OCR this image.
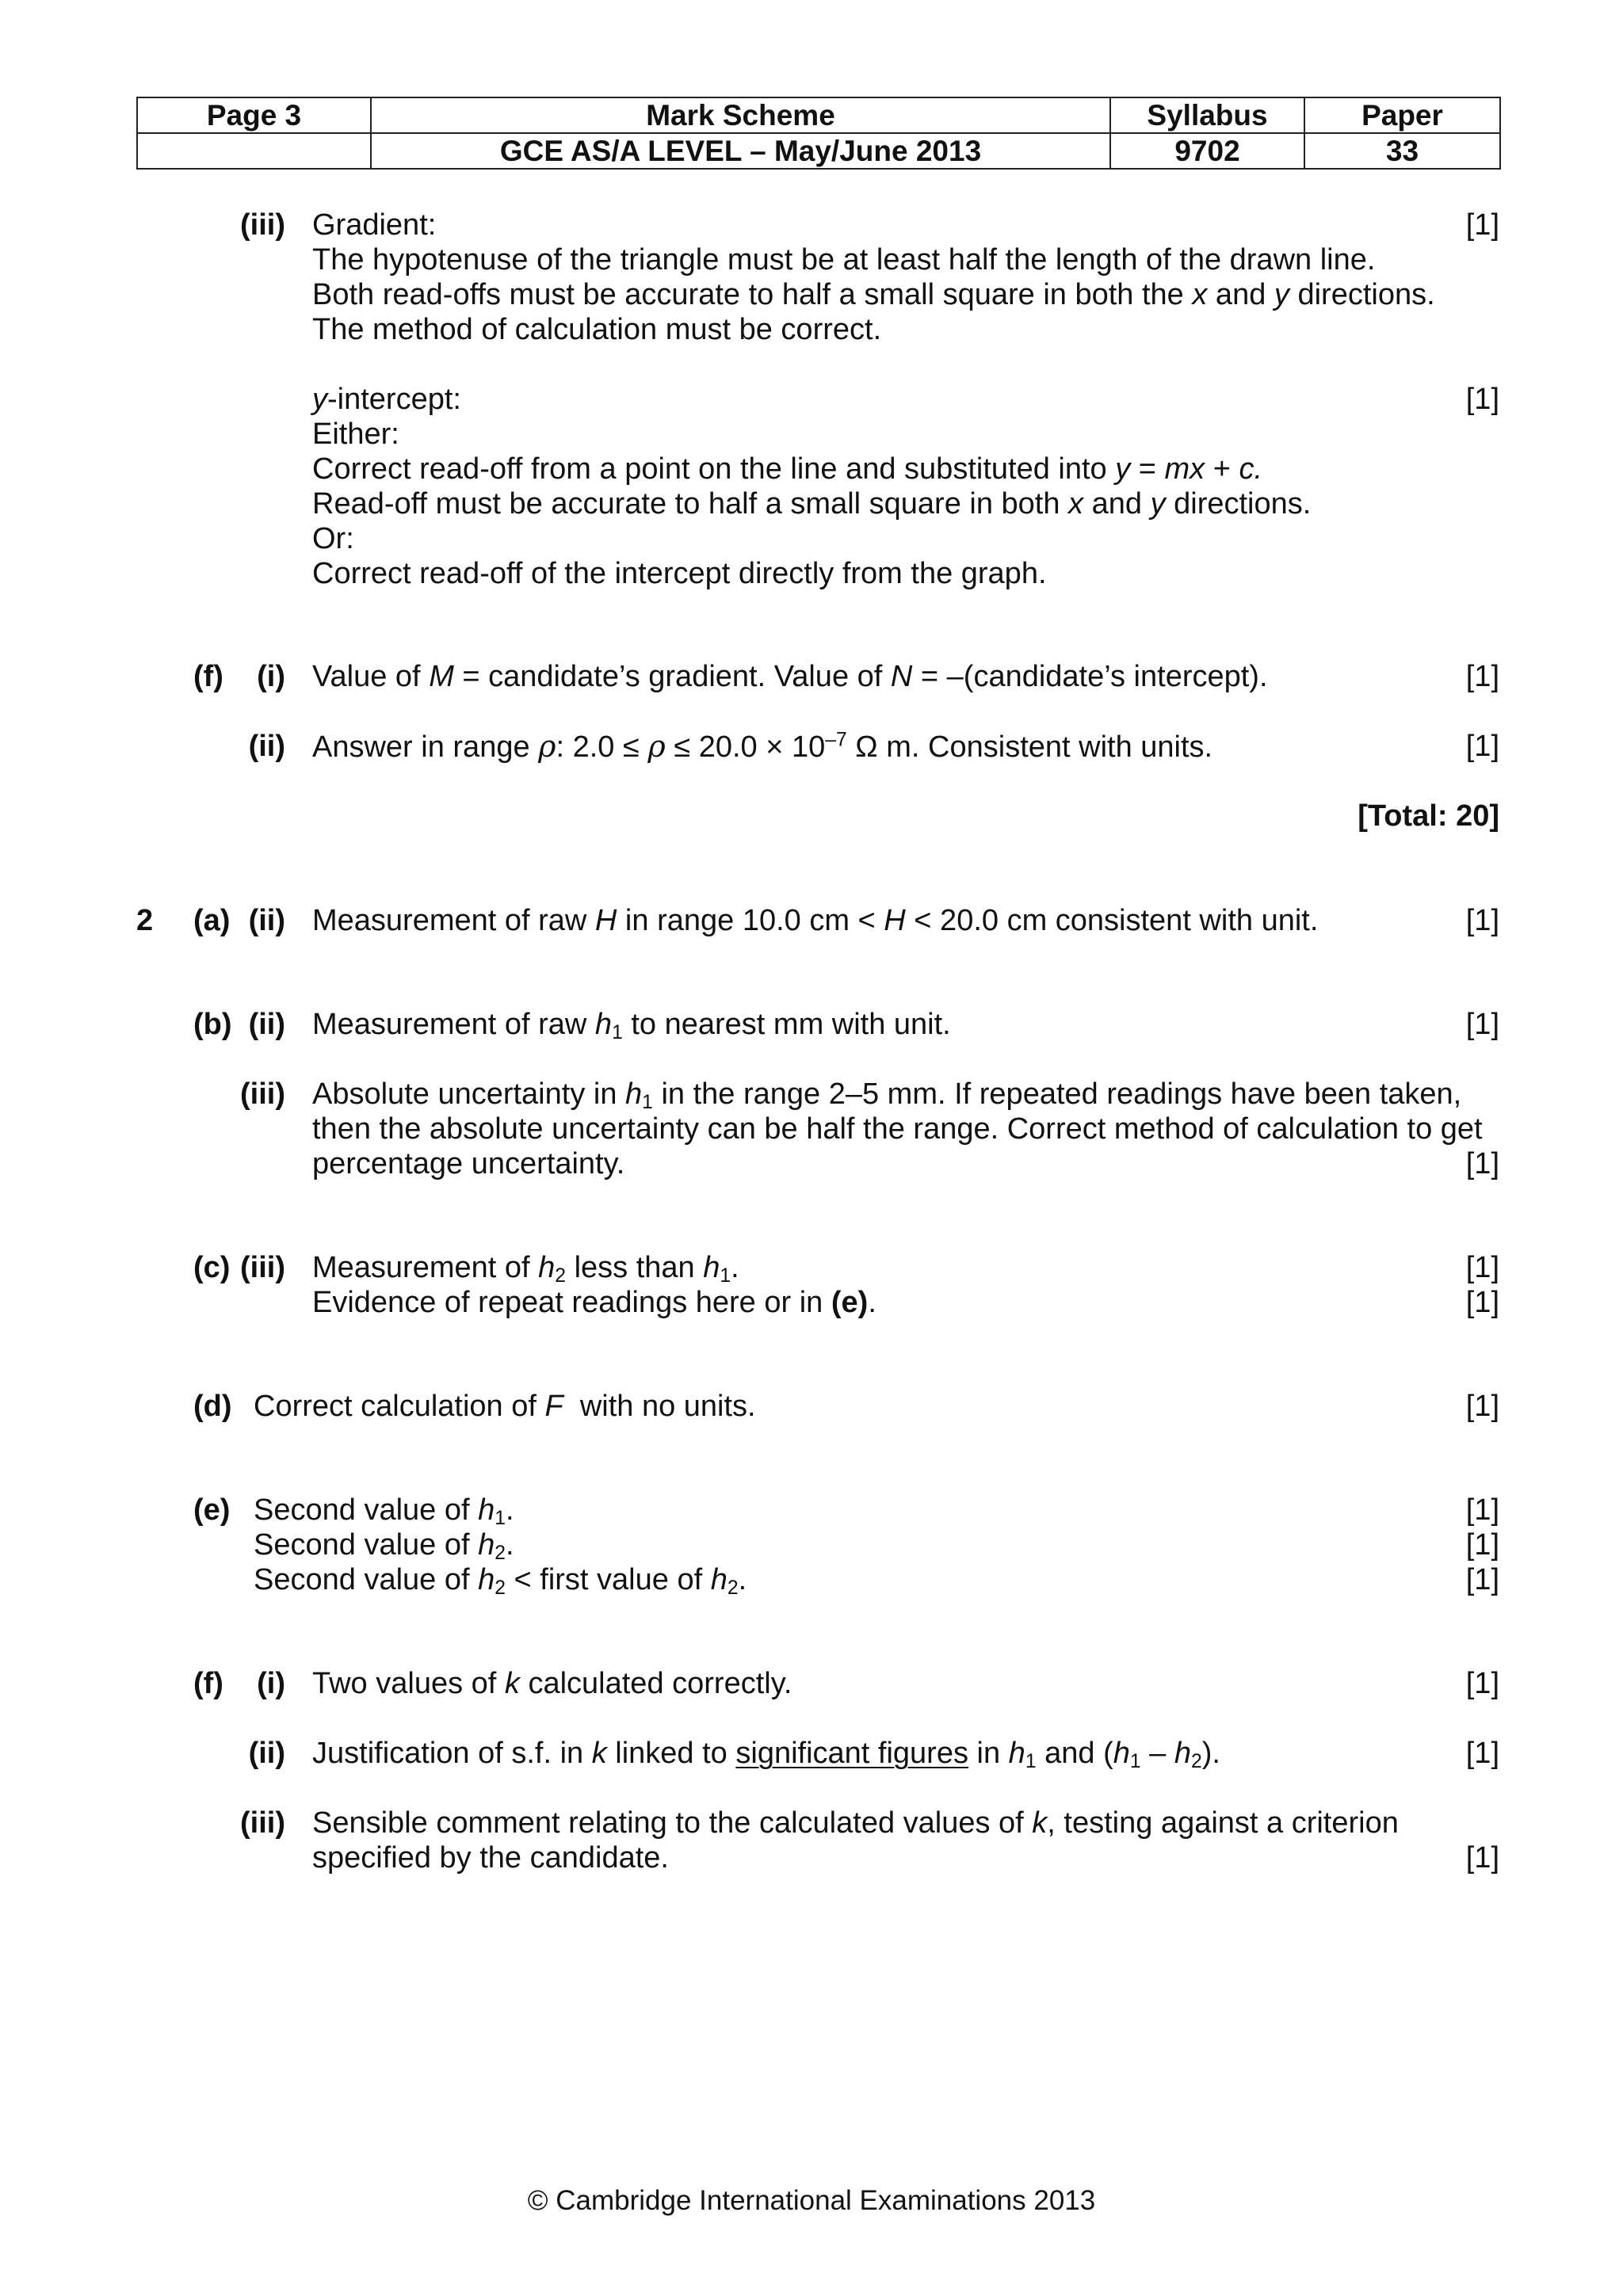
Page 3	Mark Scheme	Syllabus	Paper
	GCE AS/A LEVEL – May/June 2013	9702	33
(iii) Gradient:	[1]
The hypotenuse of the triangle must be at least half the length of the drawn line.
Both read-offs must be accurate to half a small square in both the x and y directions.
The method of calculation must be correct.
y-intercept:	[1]
Either:
Correct read-off from a point on the line and substituted into y = mx + c.
Read-off must be accurate to half a small square in both x and y directions.
Or:
Correct read-off of the intercept directly from the graph.
(f)	(i) Value of M = candidate’s gradient. Value of N = –(candidate’s intercept).	[1]
(ii) Answer in range ρ: $2.0 \le \rho \le 20.0 \times 10^{-7}$ Ω m. Consistent with units.	[1]
[Total: 20]
2 (a) (ii) Measurement of raw H in range 10.0 cm < H < 20.0 cm consistent with unit.	[1]
(b) (ii) Measurement of raw $h_1$ to nearest mm with unit.	[1]
(iii) Absolute uncertainty in $h_1$ in the range 2–5 mm. If repeated readings have been taken,
then the absolute uncertainty can be half the range. Correct method of calculation to get
percentage uncertainty.	[1]
(c) (iii) Measurement of $h_2$ less than $h_1$.	[1]
Evidence of repeat readings here or in (e).	[1]
(d) Correct calculation of F  with no units.	[1]
(e) Second value of $h_1$.	[1]
Second value of $h_2$.	[1]
Second value of $h_2$ < first value of $h_2$.	[1]
(f)	(i) Two values of k calculated correctly.	[1]
(ii) Justification of s.f. in k linked to significant figures in $h_1$ and $(h_1 - h_2)$.	[1]
(iii) Sensible comment relating to the calculated values of k, testing against a criterion
specified by the candidate.	[1]
© Cambridge International Examinations 2013
